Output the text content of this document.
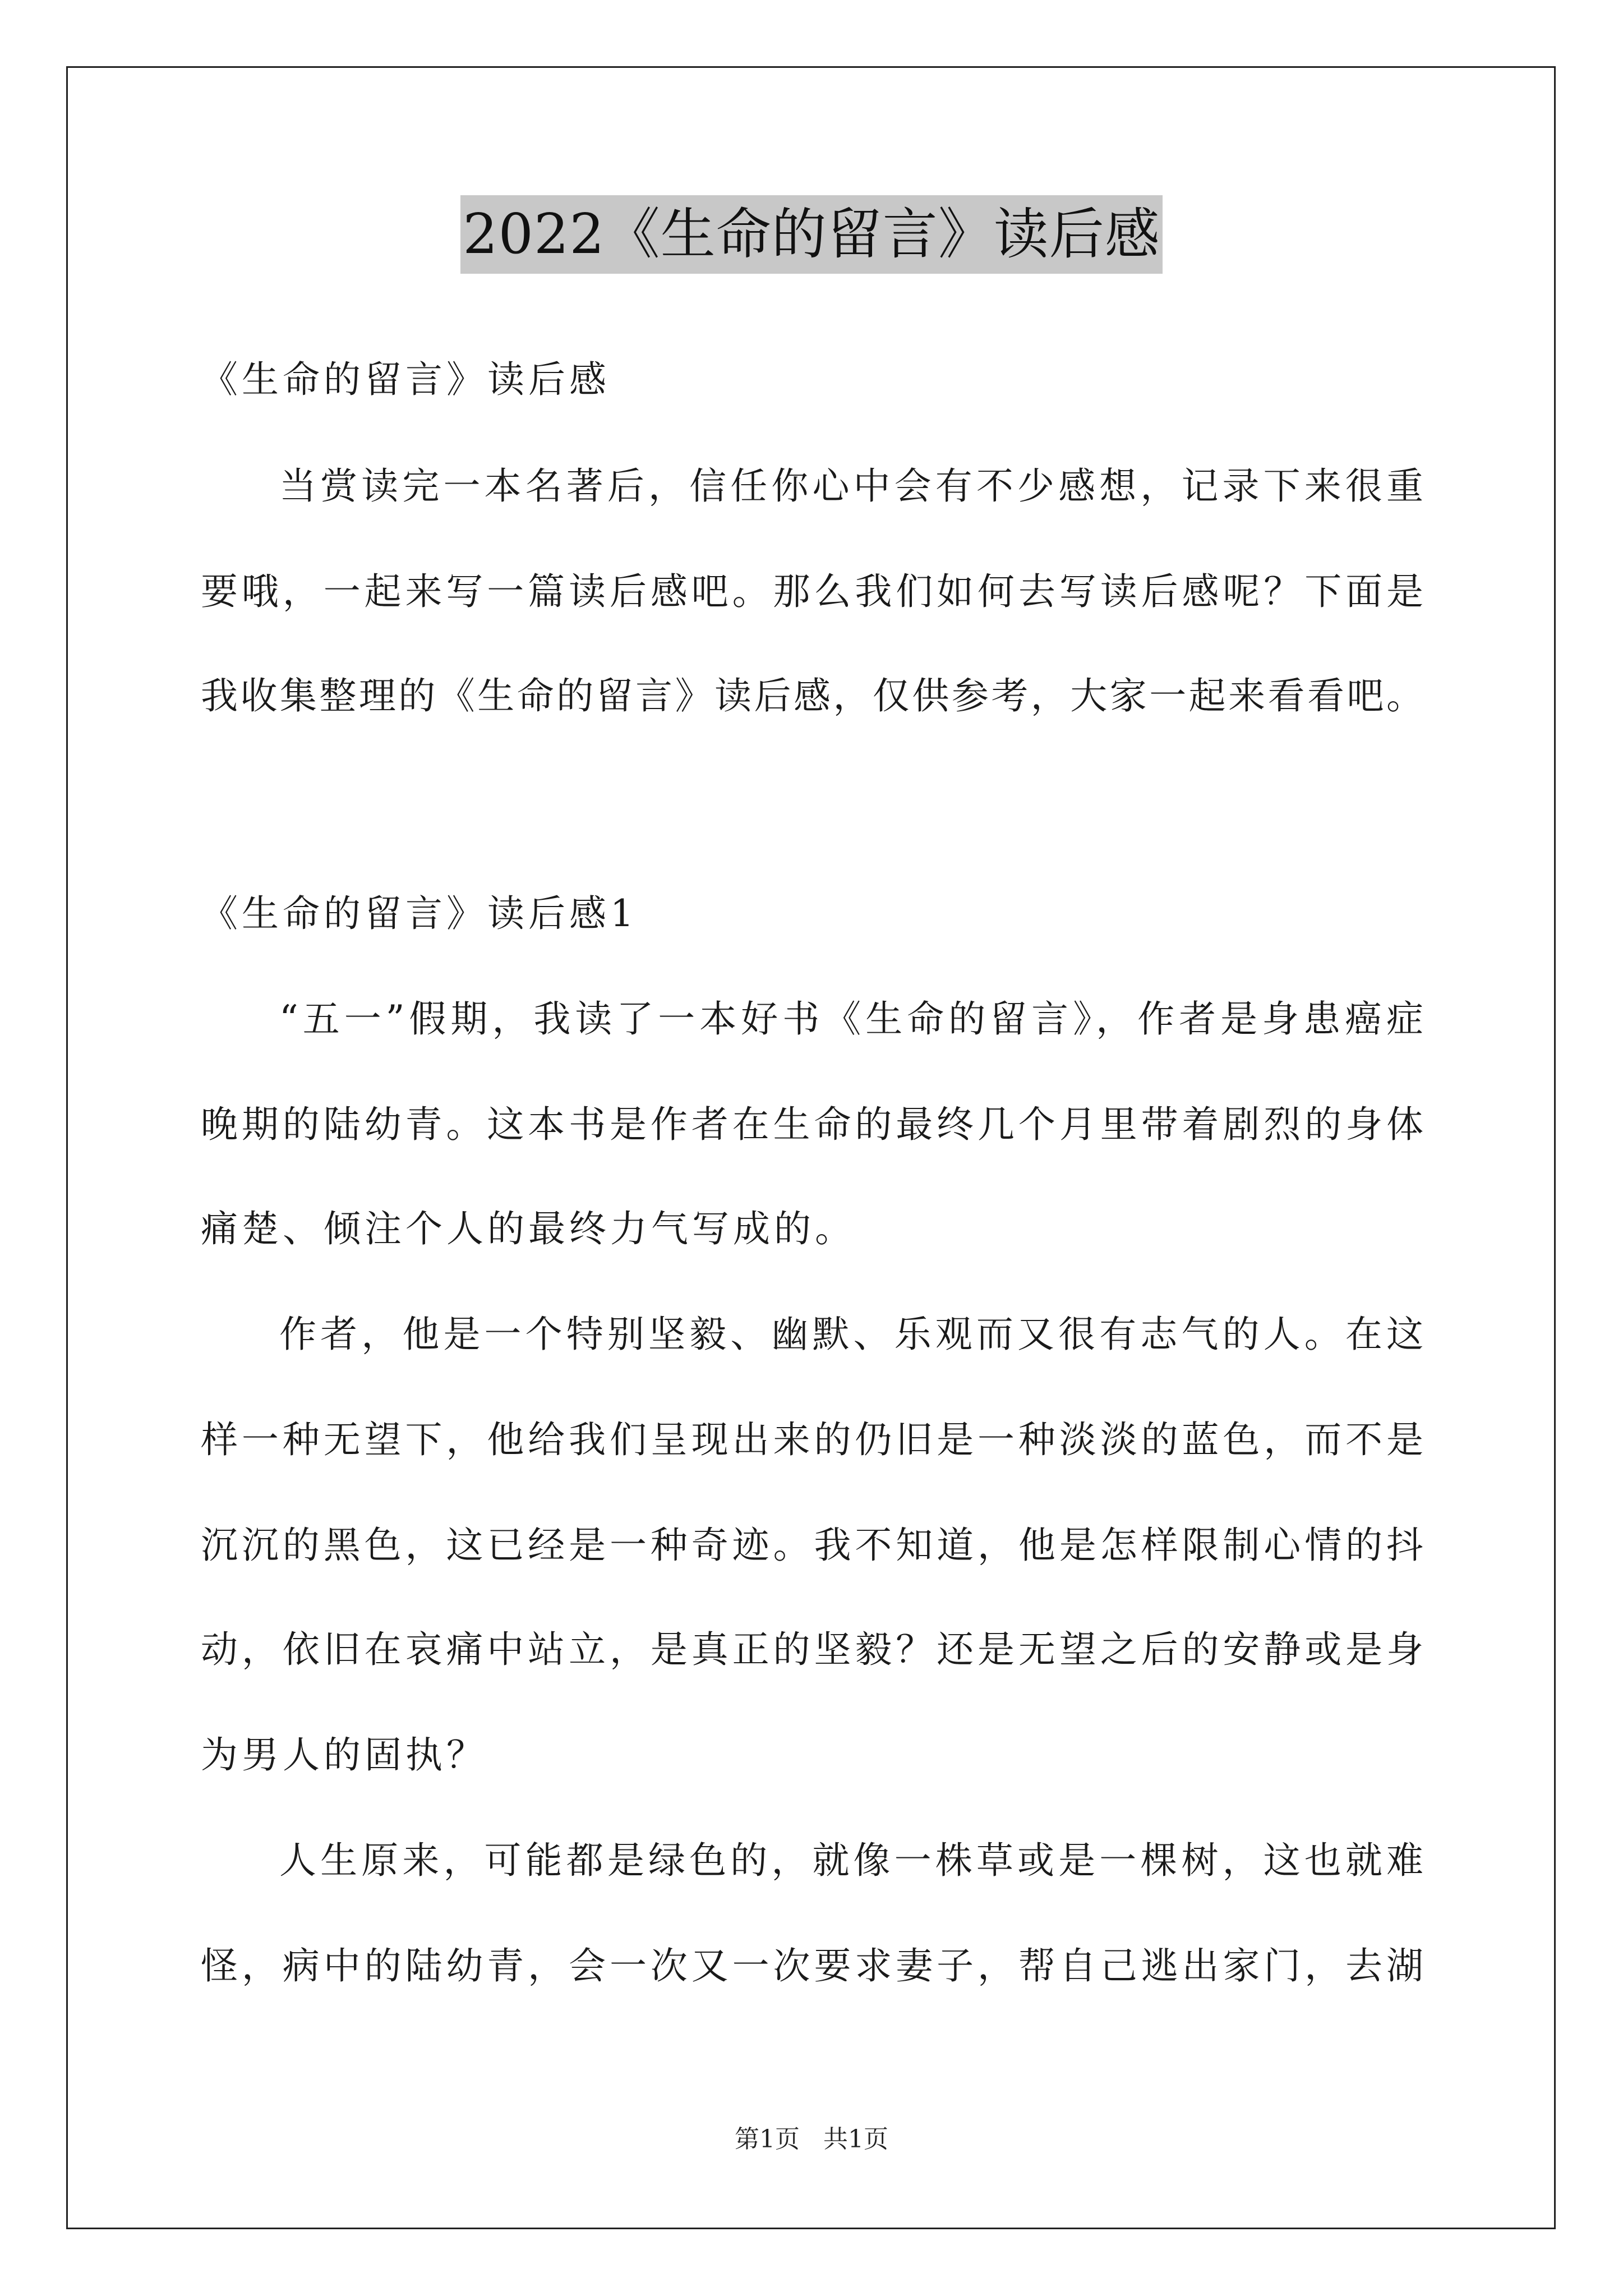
2022《生命的留言》读后感
《生命的留言》读后感
当赏读完一本名著后，信任你心中会有不少感想，记录下来很重
要哦，一起来写一篇读后感吧。那么我们如何去写读后感呢？下面是
我收集整理的《生命的留言》读后感，仅供参考，大家一起来看看吧。
《生命的留言》读后感1
“五一”假期，我读了一本好书《生命的留言》，作者是身患癌症
晚期的陆幼青。这本书是作者在生命的最终几个月里带着剧烈的身体
痛楚、倾注个人的最终力气写成的。
作者，他是一个特别坚毅、幽默、乐观而又很有志气的人。在这
样一种无望下，他给我们呈现出来的仍旧是一种淡淡的蓝色，而不是
沉沉的黑色，这已经是一种奇迹。我不知道，他是怎样限制心情的抖
动，依旧在哀痛中站立，是真正的坚毅？还是无望之后的安静或是身
为男人的固执？
人生原来，可能都是绿色的，就像一株草或是一棵树，这也就难
怪，病中的陆幼青，会一次又一次要求妻子，帮自己逃出家门，去湖
第1页 共1页
